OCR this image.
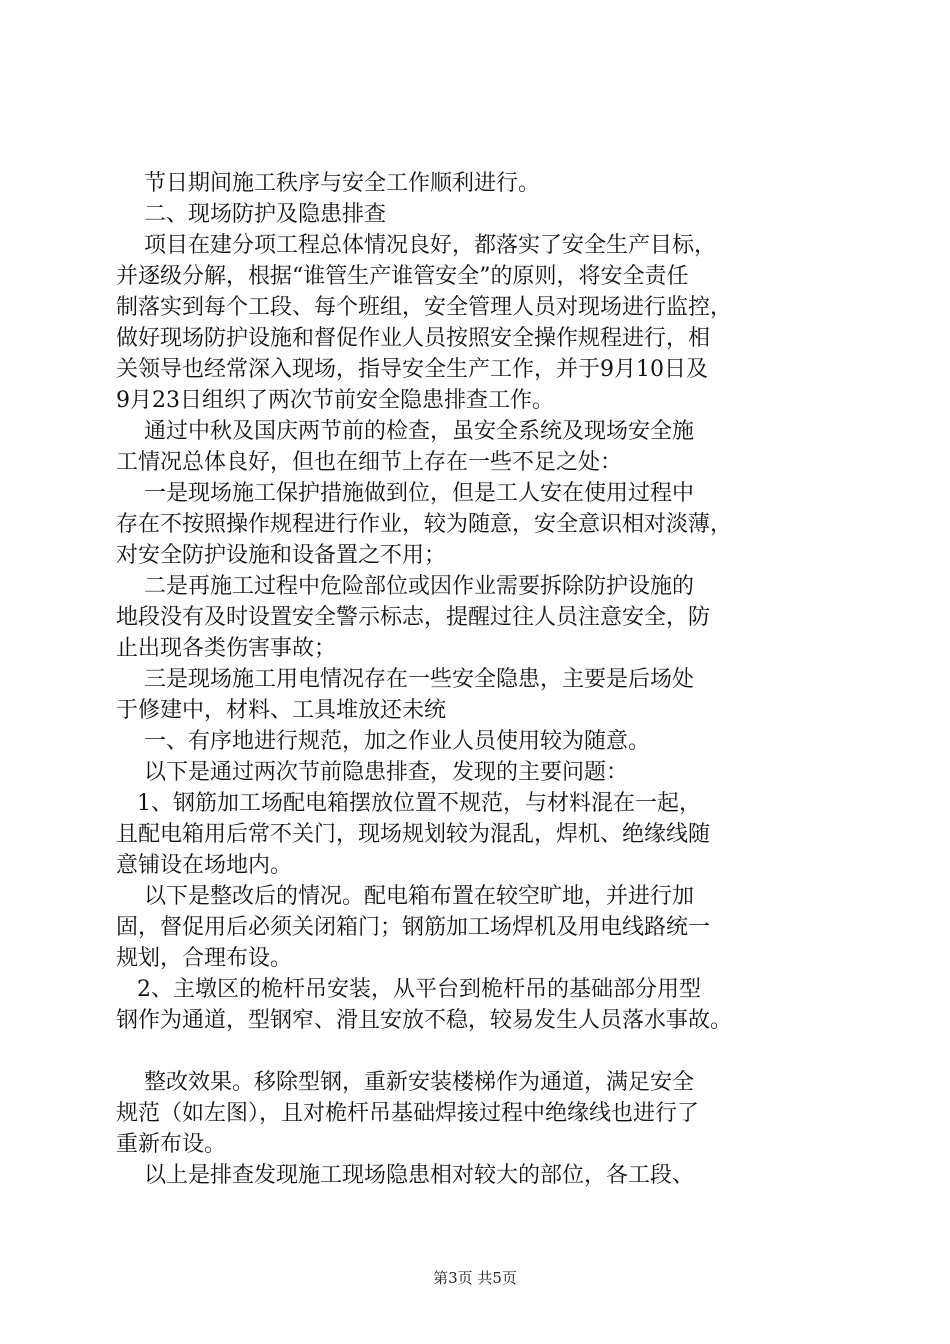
节日期间施工秩序与安全工作顺利进行。
二、现场防护及隐患排查
项目在建分项工程总体情况良好，都落实了安全生产目标，
并逐级分解，根据“谁管生产谁管安全”的原则，将安全责任
制落实到每个工段、每个班组，安全管理人员对现场进行监控，
做好现场防护设施和督促作业人员按照安全操作规程进行，相
关领导也经常深入现场，指导安全生产工作，并于9月10日及
9月23日组织了两次节前安全隐患排查工作。
通过中秋及国庆两节前的检查，虽安全系统及现场安全施
工情况总体良好，但也在细节上存在一些不足之处：
一是现场施工保护措施做到位，但是工人安在使用过程中
存在不按照操作规程进行作业，较为随意，安全意识相对淡薄，
对安全防护设施和设备置之不用；
二是再施工过程中危险部位或因作业需要拆除防护设施的
地段没有及时设置安全警示标志，提醒过往人员注意安全，防
止出现各类伤害事故；
三是现场施工用电情况存在一些安全隐患，主要是后场处
于修建中，材料、工具堆放还未统
一、有序地进行规范，加之作业人员使用较为随意。
以下是通过两次节前隐患排查，发现的主要问题：
1、钢筋加工场配电箱摆放位置不规范，与材料混在一起，
且配电箱用后常不关门，现场规划较为混乱，焊机、绝缘线随
意铺设在场地内。
以下是整改后的情况。配电箱布置在较空旷地，并进行加
固，督促用后必须关闭箱门；钢筋加工场焊机及用电线路统一
规划，合理布设。
2、主墩区的桅杆吊安装，从平台到桅杆吊的基础部分用型
钢作为通道，型钢窄、滑且安放不稳，较易发生人员落水事故。
整改效果。移除型钢，重新安装楼梯作为通道，满足安全
规范（如左图），且对桅杆吊基础焊接过程中绝缘线也进行了
重新布设。
以上是排查发现施工现场隐患相对较大的部位，各工段、
第3页 共5页
